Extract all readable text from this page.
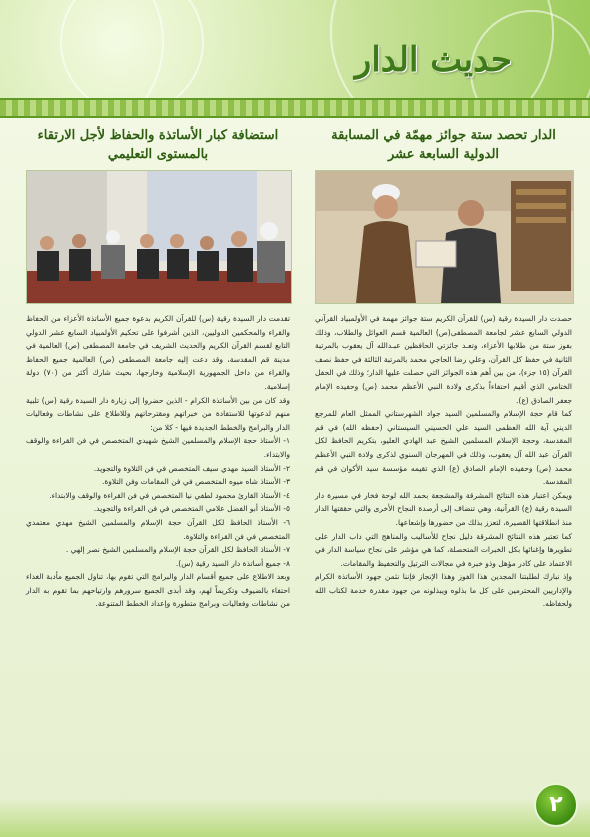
حديث الدار
الدار تحصد ستة جوائز مهمّة في المسابقة الدولية السابعة عشر

حصدت دار السيدة رقية (س) للقرآن الكريم ستة جوائز مهمة في الأولمبياد القرآني الدولي السابع عشر لجامعة المصطفى(ص) العالمية قسم العوائل والطلاب، وذلك بفوز ستة من طلابها الأعزاء، وتعـد جائزتي الحافظين عبـدالله آل يعقوب بالمرتبة الثانية في حفظ كل القرآن، وعلي رضا الحاجي محمد بالمرتبة الثالثة في حفظ نصف القرآن (١٥ جزء)، من بين أهم هذه الجوائز التي حصلت عليها الدار؛ وذلك في الحفل الختامي الذي أقيم احتفاءاً بذكرى ولادة النبي الأعظم محمد (ص) وحفيده الإمام جعفر الصادق (ع).

كما قام حجة الإسلام والمسلمين السيد جواد الشهرستاني الممثل العام للمرجع الديني آية الله العظمى السيد علي الحسيني السيستاني (حفظه الله) في قم المقدسة، وحجة الإسلام المسلمين الشيخ عبد الهادي العليو، بتكريم الحافظ لكل القرآن عبد الله آل يعقوب، وذلك في المهرجان السنوي لذكرى ولادة النبي الأعظم محمد (ص) وحفيده الإمام الصادق (ع) الذي تقيمه مؤسسة سيد الأكوان في قم المقدسة.

ويمكن اعتبار هذه النتائج المشرقة والمشجعة بحمد الله لوحة فخار في مسيرة دار السيدة رقية (ع) القرآنية، وهي تنضاف إلى أرصدة النجاح الأخرى والتي حققتها الدار منذ انطلاقتها القصيرة، لتعزز بذلك من حضورها وإشعاعها.

كما تعتبر هذه النتائج المشرقة دليل نجاح للأساليب والمناهج التي داب الدار على تطويرها وإغنائها بكل الخبرات المتحصلة، كما هي مؤشر على نجاح سياسة الدار في الاعتماد على كادر مؤهل وذو خبرة في مجالات الترتيل والتحفيظ والمقامات.

وإذ نبارك لطلبتنا المجدين هذا الفوز وهذا الإنجاز فإننا نثمن جهود الأساتذة الكرام والإداريين المحترمين على كل ما بذلوه ويبذلونه من جهود مقدرة خدمة لكتاب الله ولحفاظه.

استضافة كبار الأساتذة والحفاظ لأجل الارتقاء بالمستوى التعليمي

تقدمت دار السيدة رقية (س) للقرآن الكريم بدعوة جميع الأساتذة الأعزاء من الحفاظ والقراء والمحكمين الدوليين، الذين أشرفوا على تحكيم الأولمبياد السابع عشر الدولي التابع لقسم القرآن الكريم والحديث الشريف في جامعة المصطفى (ص) العالمية في مدينة قم المقدسة، وقد دعت إليه جامعة المصطفى (ص) العالمية جميع الحفاظ والقراء من داخل الجمهورية الإسلامية وخارجها، بحيث شارك أكثر من (٧٠) دولة إسلامية.

وقد كان من بين الأساتذة الكرام - الذين حضروا إلى زيارة دار السيدة رقية (س) تلبية منهم لدعوتها للاستفادة من خبراتهم ومقترحاتهم وللاطلاع على نشاطات وفعاليات الدار والبرامج والخطط الجديدة فيها - كلا من:

١- الأستاذ حجة الإسلام والمسلمين الشيخ شهيدي المتخصص في فن القراءة والوقف والابتداء.

٢- الأستاذ السيد مهدي سيف المتخصص في فن التلاوة والتجويد.

٣- الأستاذ شاه ميوه المتخصص في فن المقامات وفن التلاوة.

٤- الأستاذ القارئ محمود لطفي نيا المتخصص في فن القراءة والوقف والابتداء.

٥- الأستاذ أبو الفضل علامي المتخصص في فن القراءة والتجويد.

٦- الأستاذ الحافظ لكل القرآن حجة الإسلام والمسلمين الشيخ مهدي معتمدي المتخصص في فن القراءة والتلاوة.

٧- الأستاذ الحافظ لكل القرآن حجة الإسلام والمسلمين الشيخ نصر إلهي .

٨- جميع أساتذة دار السيد رقية (س).

وبعد الاطلاع على جميع أقسام الدار والبرامج التي تقوم بها، تناول الجميع مأدبة الغداء احتفاء بالضيوف وتكريماً لهم، وقد أبدى الجميع سرورهم وارتياحهم بما تقوم به الدار من نشاطات وفعاليات وبرامج متطورة وإعداد الخطط المتنوعة.

٢
